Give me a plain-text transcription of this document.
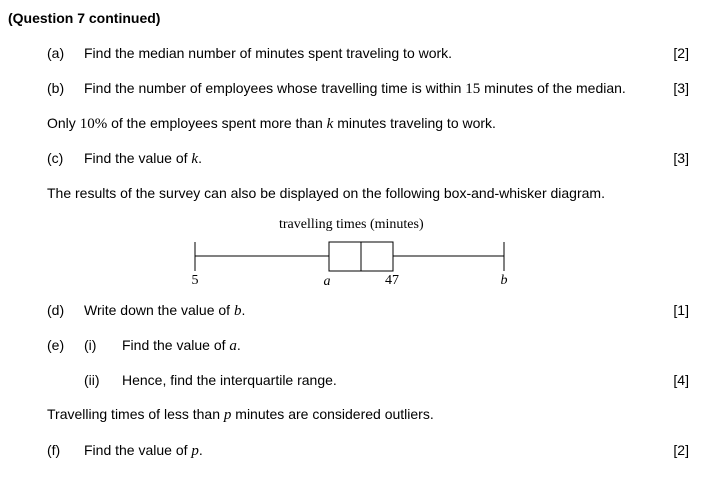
(Question 7 continued)
(a) Find the median number of minutes spent traveling to work.	[2]
(b) Find the number of employees whose travelling time is within 15 minutes of the median.	[3]
Only 10% of the employees spent more than k minutes traveling to work.
(c) Find the value of k.	[3]
The results of the survey can also be displayed on the following box-and-whisker diagram.
travelling times (minutes)
5	a	47	b
(d) Write down the value of b.	[1]
(e) (i) Find the value of a.
(ii) Hence, find the interquartile range.	[4]
Travelling times of less than p minutes are considered outliers.
(f) Find the value of p.	[2]
